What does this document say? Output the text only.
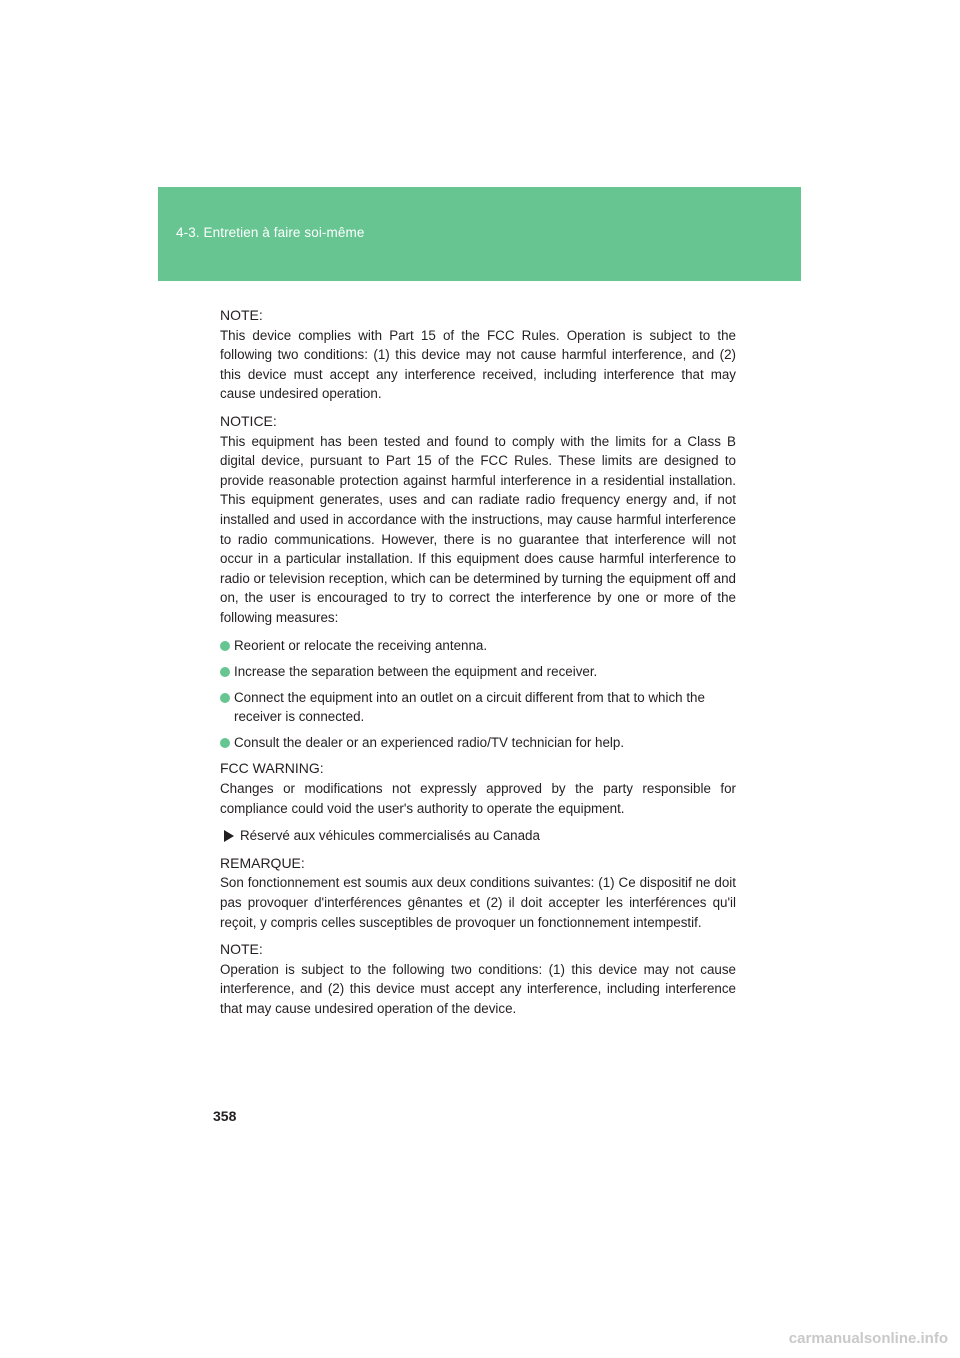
4-3. Entretien à faire soi-même
NOTE:
This device complies with Part 15 of the FCC Rules. Operation is subject to the following two conditions: (1) this device may not cause harmful interference, and (2) this device must accept any interference received, including interference that may cause undesired operation.
NOTICE:
This equipment has been tested and found to comply with the limits for a Class B digital device, pursuant to Part 15 of the FCC Rules. These limits are designed to provide reasonable protection against harmful interference in a residential installation. This equipment generates, uses and can radiate radio frequency energy and, if not installed and used in accordance with the instructions, may cause harmful interference to radio communications. However, there is no guarantee that interference will not occur in a particular installation. If this equipment does cause harmful interference to radio or television reception, which can be determined by turning the equipment off and on, the user is encouraged to try to correct the interference by one or more of the following measures:
Reorient or relocate the receiving antenna.
Increase the separation between the equipment and receiver.
Connect the equipment into an outlet on a circuit different from that to which the receiver is connected.
Consult the dealer or an experienced radio/TV technician for help.
FCC WARNING:
Changes or modifications not expressly approved by the party responsible for compliance could void the user's authority to operate the equipment.
Réservé aux véhicules commercialisés au Canada
REMARQUE:
Son fonctionnement est soumis aux deux conditions suivantes: (1) Ce dispositif ne doit pas provoquer d'interférences gênantes et (2) il doit accepter les interférences qu'il reçoit, y compris celles susceptibles de provoquer un fonctionnement intempestif.
NOTE:
Operation is subject to the following two conditions: (1) this device may not cause interference, and (2) this device must accept any interference, including interference that may cause undesired operation of the device.
358
carmanualsonline.info
